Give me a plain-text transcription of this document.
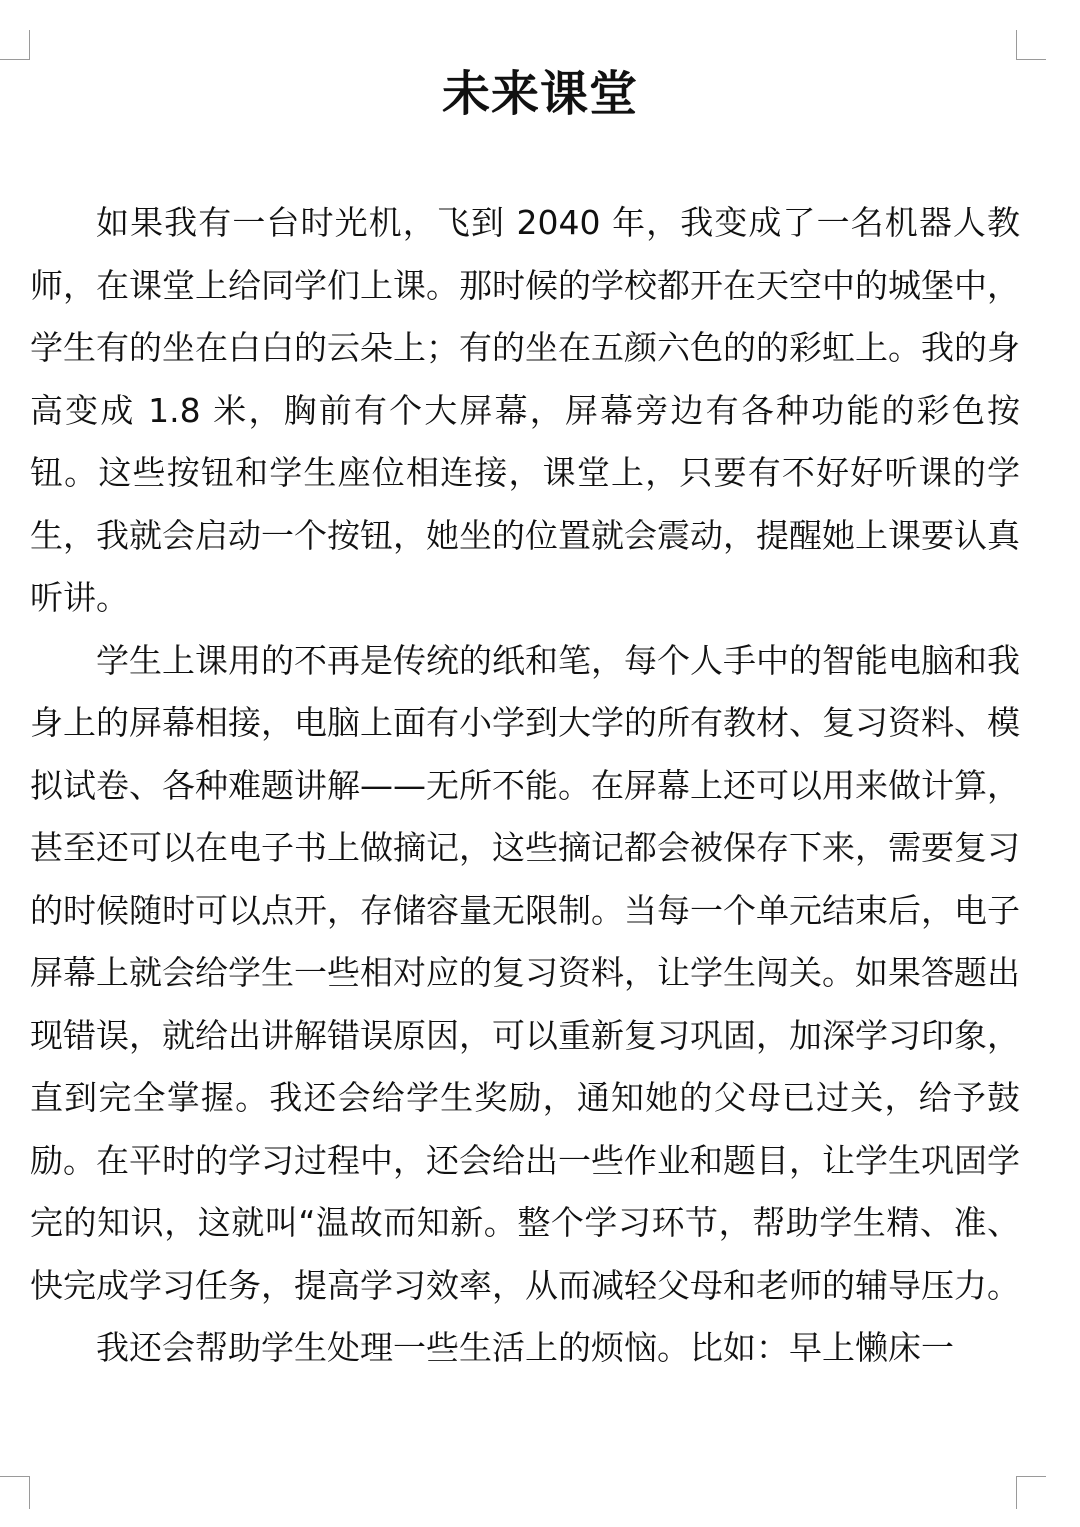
未来课堂

如果我有一台时光机，飞到 2040 年，我变成了一名机器人教师，在课堂上给同学们上课。那时候的学校都开在天空中的城堡中，学生有的坐在白白的云朵上；有的坐在五颜六色的的彩虹上。我的身高变成 1.8 米，胸前有个大屏幕，屏幕旁边有各种功能的彩色按钮。这些按钮和学生座位相连接，课堂上，只要有不好好听课的学生，我就会启动一个按钮，她坐的位置就会震动，提醒她上课要认真听讲。

学生上课用的不再是传统的纸和笔，每个人手中的智能电脑和我身上的屏幕相接，电脑上面有小学到大学的所有教材、复习资料、模拟试卷、各种难题讲解——无所不能。在屏幕上还可以用来做计算，甚至还可以在电子书上做摘记，这些摘记都会被保存下来，需要复习的时候随时可以点开，存储容量无限制。当每一个单元结束后，电子屏幕上就会给学生一些相对应的复习资料，让学生闯关。如果答题出现错误，就给出讲解错误原因，可以重新复习巩固，加深学习印象，直到完全掌握。我还会给学生奖励，通知她的父母已过关，给予鼓励。在平时的学习过程中，还会给出一些作业和题目，让学生巩固学完的知识，这就叫“温故而知新。整个学习环节，帮助学生精、准、快完成学习任务，提高学习效率，从而减轻父母和老师的辅导压力。

我还会帮助学生处理一些生活上的烦恼。比如：早上懒床一
